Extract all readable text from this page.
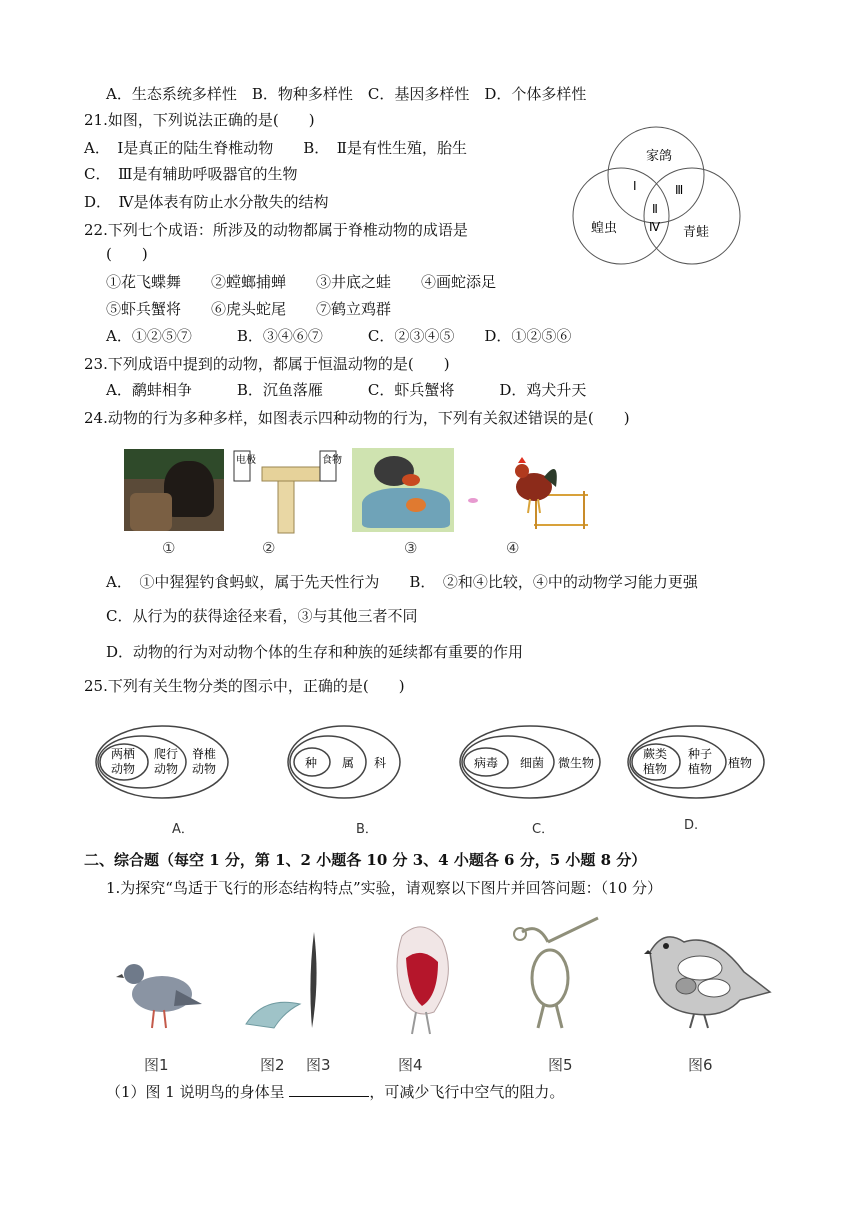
A．生态系统多样性　B．物种多样性　C．基因多样性　D．个体多样性
21.如图，下列说法正确的是(　　)
A．　Ⅰ是真正的陆生脊椎动物　　B．　Ⅱ是有性生殖，胎生
C．　Ⅲ是有辅助呼吸器官的生物
D．　Ⅳ是体表有防止水分散失的结构
家鸽
蝗虫	青蛙
Ⅰ
Ⅱ
Ⅲ
Ⅳ
22.下列七个成语：所涉及的动物都属于脊椎动物的成语是
(　　)
①花飞蝶舞　　②螳螂捕蝉　　③井底之蛙　　④画蛇添足
⑤虾兵蟹将　　⑥虎头蛇尾　　⑦鹤立鸡群
A．①②⑤⑦　　　B．③④⑥⑦　　　C．②③④⑤　　D．①②⑤⑥
23.下列成语中提到的动物，都属于恒温动物的是(　　)
A．鹬蚌相争　　　B．沉鱼落雁　　　C．虾兵蟹将　　　D．鸡犬升天
24.动物的行为多种多样，如图表示四种动物的行为，下列有关叙述错误的是(　　)
电极	食物
①	②	③	④
A．　①中猩猩钓食蚂蚁，属于先天性行为　　B．　②和④比较，④中的动物学习能力更强
C．从行为的获得途径来看，③与其他三者不同
D．动物的行为对动物个体的生存和种族的延续都有重要的作用
25.下列有关生物分类的图示中，正确的是(　　)
两栖
动物
爬行
动物
脊椎
动物	种 属 科	病毒 细菌 微生物
蕨类
植物
种子
植物 植物
A．	B．	C．	D.
二、综合题（每空 1 分，第 1、2 小题各 10 分 3、4 小题各 6 分，5 小题 8 分）
1.为探究“鸟适于飞行的形态结构特点”实验，请观察以下图片并回答问题：（10 分）
图1	图2 图3	图4	图5	图6
（1）图 1 说明鸟的身体呈	，可减少飞行中空气的阻力。
